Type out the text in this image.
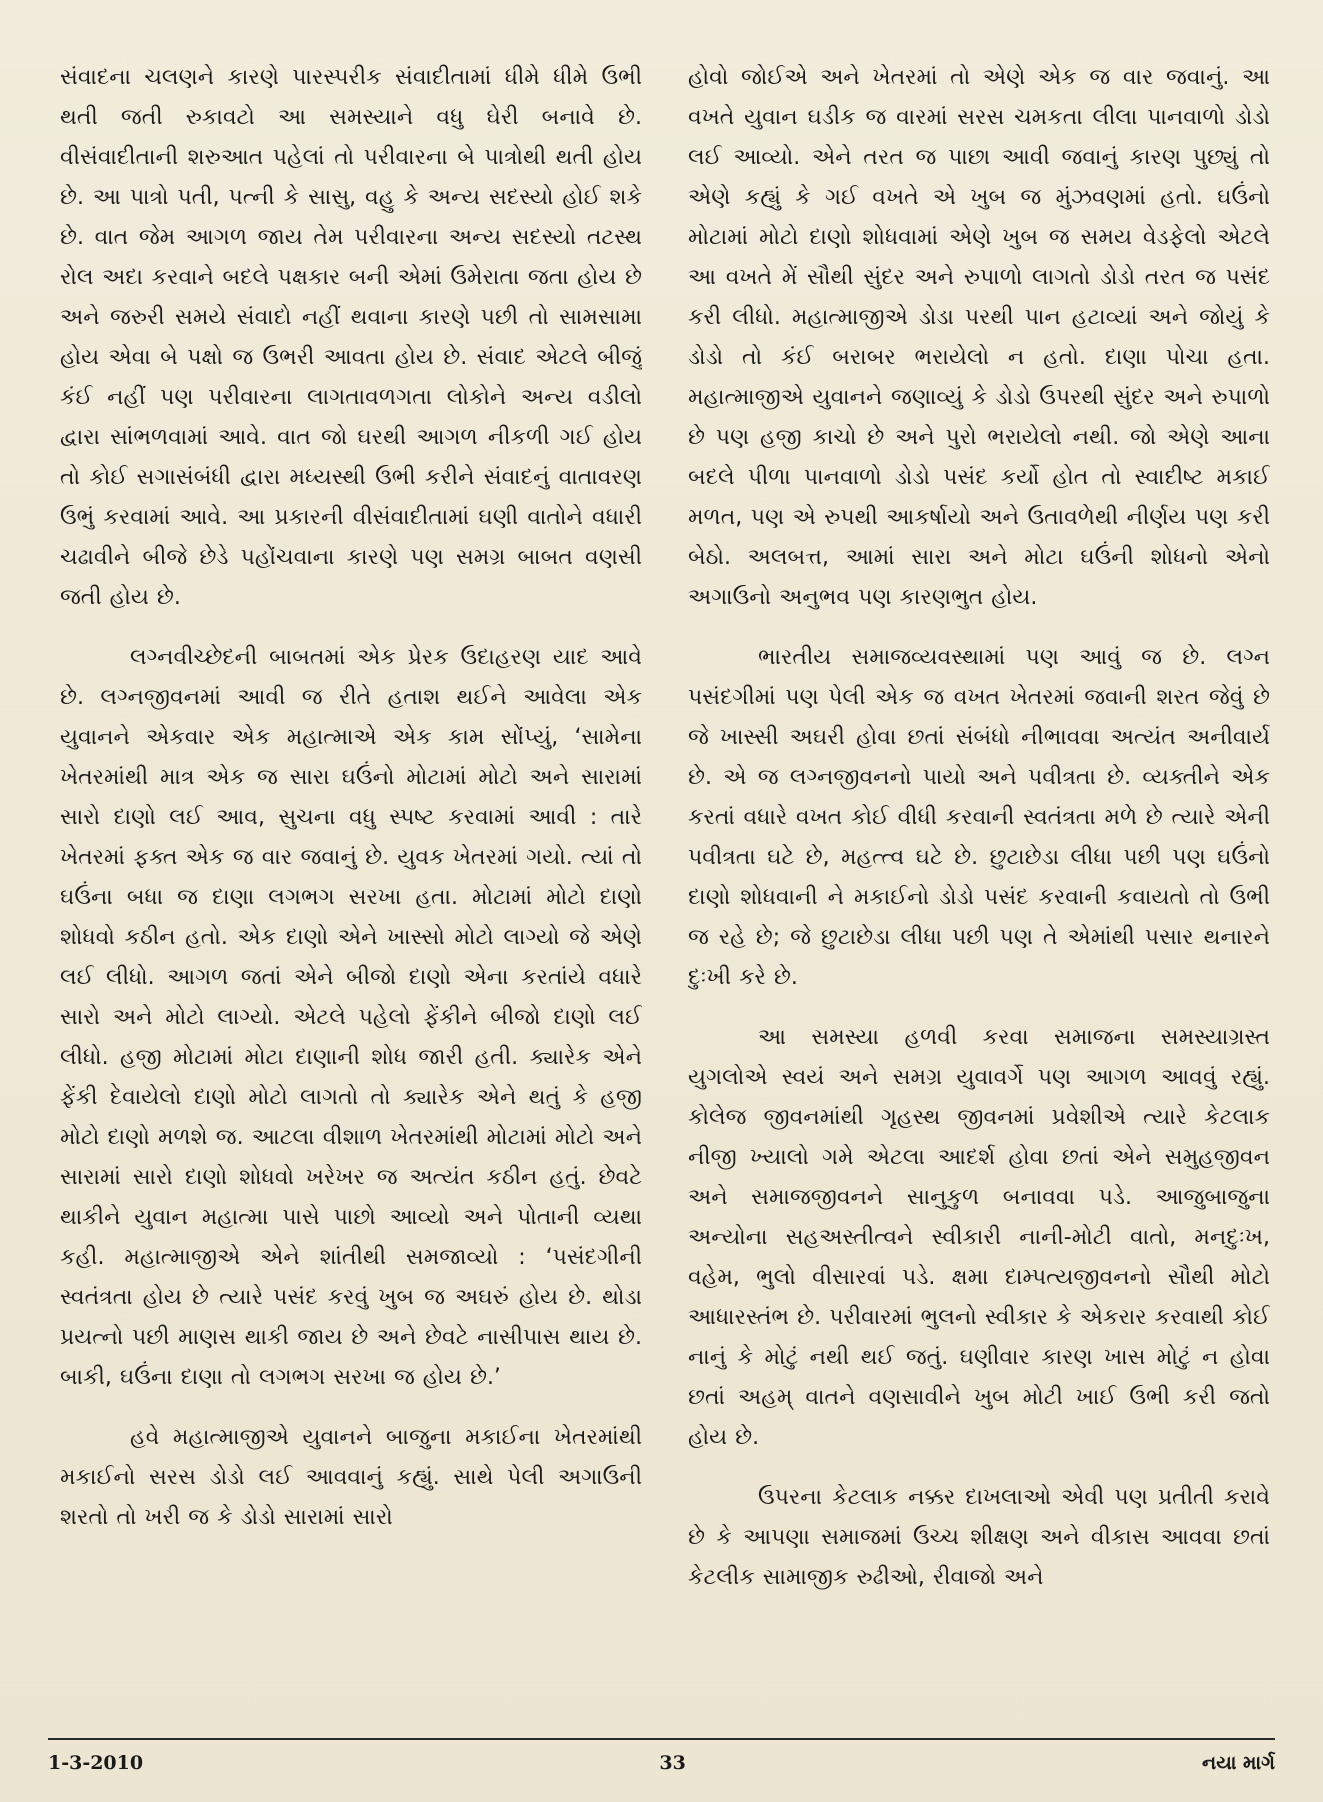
સંવાદના ચલણને કારણે પારસ્પરીક સંવાદીતામાં ધીમે ધીમે ઉભી થતી જતી રુકાવટો આ સમસ્યાને વધુ ઘેરી બનાવે છે. વીસંવાદીતાની શરુઆત પહેલાં તો પરીવારના બે પાત્રોથી થતી હોય છે. આ પાત્રો પતી, પત્ની કે સાસુ, વહુ કે અન્ય સદસ્યો હોઈ શકે છે. વાત જેમ આગળ જાય તેમ પરીવારના અન્ય સદસ્યો તટસ્થ રોલ અદા કરવાને બદલે પક્ષકાર બની એમાં ઉમેરાતા જતા હોય છે અને જરુરી સમયે સંવાદો નહીં થવાના કારણે પછી તો સામસામા હોય એવા બે પક્ષો જ ઉભરી આવતા હોય છે. સંવાદ એટલે બીજું કંઈ નહીં પણ પરીવારના લાગતાવળગતા લોકોને અન્ય વડીલો દ્વારા સાંભળવામાં આવે. વાત જો ઘરથી આગળ નીકળી ગઈ હોય તો કોઈ સગાસંબંધી દ્વારા મધ્યસ્થી ઉભી કરીને સંવાદનું વાતાવરણ ઉભું કરવામાં આવે. આ પ્રકારની વીસંવાદીતામાં ઘણી વાતોને વધારી ચઢાવીને બીજે છેડે પહોંચવાના કારણે પણ સમગ્ર બાબત વણસી જતી હોય છે.

લગ્નવીચ્છેદની બાબતમાં એક પ્રેરક ઉદાહરણ યાદ આવે છે. લગ્નજીવનમાં આવી જ રીતે હતાશ થઈને આવેલા એક યુવાનને એકવાર એક મહાત્માએ એક કામ સોંપ્યું, ‘સામેના ખેતરમાંથી માત્ર એક જ સારા ઘઉંનો મોટામાં મોટો અને સારામાં સારો દાણો લઈ આવ, સુચના વધુ સ્પષ્ટ કરવામાં આવી : તારે ખેતરમાં ફક્ત એક જ વાર જવાનું છે. યુવક ખેતરમાં ગયો. ત્યાં તો ઘઉંના બધા જ દાણા લગભગ સરખા હતા. મોટામાં મોટો દાણો શોધવો કઠીન હતો. એક દાણો એને ખાસ્સો મોટો લાગ્યો જે એણે લઈ લીધો. આગળ જતાં એને બીજો દાણો એના કરતાંયે વધારે સારો અને મોટો લાગ્યો. એટલે પહેલો ફેંકીને બીજો દાણો લઈ લીધો. હજી મોટામાં મોટા દાણાની શોધ જારી હતી. ક્યારેક એને ફેંકી દેવાયેલો દાણો મોટો લાગતો તો ક્યારેક એને થતું કે હજી મોટો દાણો મળશે જ. આટલા વીશાળ ખેતરમાંથી મોટામાં મોટો અને સારામાં સારો દાણો શોધવો ખરેખર જ અત્યંત કઠીન હતું. છેવટે થાકીને યુવાન મહાત્મા પાસે પાછો આવ્યો અને પોતાની વ્યથા કહી. મહાત્માજીએ એને શાંતીથી સમજાવ્યો : ‘પસંદગીની સ્વતંત્રતા હોય છે ત્યારે પસંદ કરવું ખુબ જ અઘરું હોય છે. થોડા પ્રયત્નો પછી માણસ થાકી જાય છે અને છેવટે નાસીપાસ થાય છે. બાકી, ઘઉંના દાણા તો લગભગ સરખા જ હોય છે.’

હવે મહાત્માજીએ યુવાનને બાજુના મકાઈના ખેતરમાંથી મકાઈનો સરસ ડોડો લઈ આવવાનું કહ્યું. સાથે પેલી અગાઉની શરતો તો ખરી જ કે ડોડો સારામાં સારો

હોવો જોઈએ અને ખેતરમાં તો એણે એક જ વાર જવાનું. આ વખતે યુવાન ઘડીક જ વારમાં સરસ ચમકતા લીલા પાનવાળો ડોડો લઈ આવ્યો. એને તરત જ પાછા આવી જવાનું કારણ પુછ્યું તો એણે કહ્યું કે ગઈ વખતે એ ખુબ જ મુંઝવણમાં હતો. ઘઉંનો મોટામાં મોટો દાણો શોધવામાં એણે ખુબ જ સમય વેડફેલો એટલે આ વખતે મેં સૌથી સુંદર અને રુપાળો લાગતો ડોડો તરત જ પસંદ કરી લીધો. મહાત્માજીએ ડોડા પરથી પાન હટાવ્યાં અને જોયું કે ડોડો તો કંઈ બરાબર ભરાયેલો ન હતો. દાણા પોચા હતા. મહાત્માજીએ યુવાનને જણાવ્યું કે ડોડો ઉપરથી સુંદર અને રુપાળો છે પણ હજી કાચો છે અને પુરો ભરાયેલો નથી. જો એણે આના બદલે પીળા પાનવાળો ડોડો પસંદ કર્યો હોત તો સ્વાદીષ્ટ મકાઈ મળત, પણ એ રુપથી આકર્ષાયો અને ઉતાવળેથી નીર્ણય પણ કરી બેઠો. અલબત્ત, આમાં સારા અને મોટા ઘઉંની શોધનો એનો અગાઉનો અનુભવ પણ કારણભુત હોય.

ભારતીય સમાજવ્યવસ્થામાં પણ આવું જ છે. લગ્ન પસંદગીમાં પણ પેલી એક જ વખત ખેતરમાં જવાની શરત જેવું છે જે ખાસ્સી અઘરી હોવા છતાં સંબંધો નીભાવવા અત્યંત અનીવાર્ય છે. એ જ લગ્નજીવનનો પાયો અને પવીત્રતા છે. વ્યક્તીને એક કરતાં વધારે વખત કોઈ વીધી કરવાની સ્વતંત્રતા મળે છે ત્યારે એની પવીત્રતા ઘટે છે, મહત્ત્વ ઘટે છે. છુટાછેડા લીધા પછી પણ ઘઉંનો દાણો શોધવાની ને મકાઈનો ડોડો પસંદ કરવાની કવાયતો તો ઉભી જ રહે છે; જે છુટાછેડા લીધા પછી પણ તે એમાંથી પસાર થનારને દુઃખી કરે છે.

આ સમસ્યા હળવી કરવા સમાજના સમસ્યાગ્રસ્ત યુગલોએ સ્વયં અને સમગ્ર યુવાવર્ગે પણ આગળ આવવું રહ્યું. કોલેજ જીવનમાંથી ગૃહસ્થ જીવનમાં પ્રવેશીએ ત્યારે કેટલાક નીજી ખ્યાલો ગમે એટલા આદર્શ હોવા છતાં એને સમુહજીવન અને સમાજજીવનને સાનુકુળ બનાવવા પડે. આજુબાજુના અન્યોના સહઅસ્તીત્વને સ્વીકારી નાની-મોટી વાતો, મનદુઃખ, વહેમ, ભુલો વીસારવાં પડે. ક્ષમા દામ્પત્યજીવનનો સૌથી મોટો આધારસ્તંભ છે. પરીવારમાં ભુલનો સ્વીકાર કે એકરાર કરવાથી કોઈ નાનું કે મોટું નથી થઈ જતું. ઘણીવાર કારણ ખાસ મોટું ન હોવા છતાં અહમ્ વાતને વણસાવીને ખુબ મોટી ખાઈ ઉભી કરી જતો હોય છે.

ઉપરના કેટલાક નક્કર દાખલાઓ એવી પણ પ્રતીતી કરાવે છે કે આપણા સમાજમાં ઉચ્ચ શીક્ષણ અને વીકાસ આવવા છતાં કેટલીક સામાજીક રુઢીઓ, રીવાજો અને

1-3-2010	33	નયા માર્ગ
